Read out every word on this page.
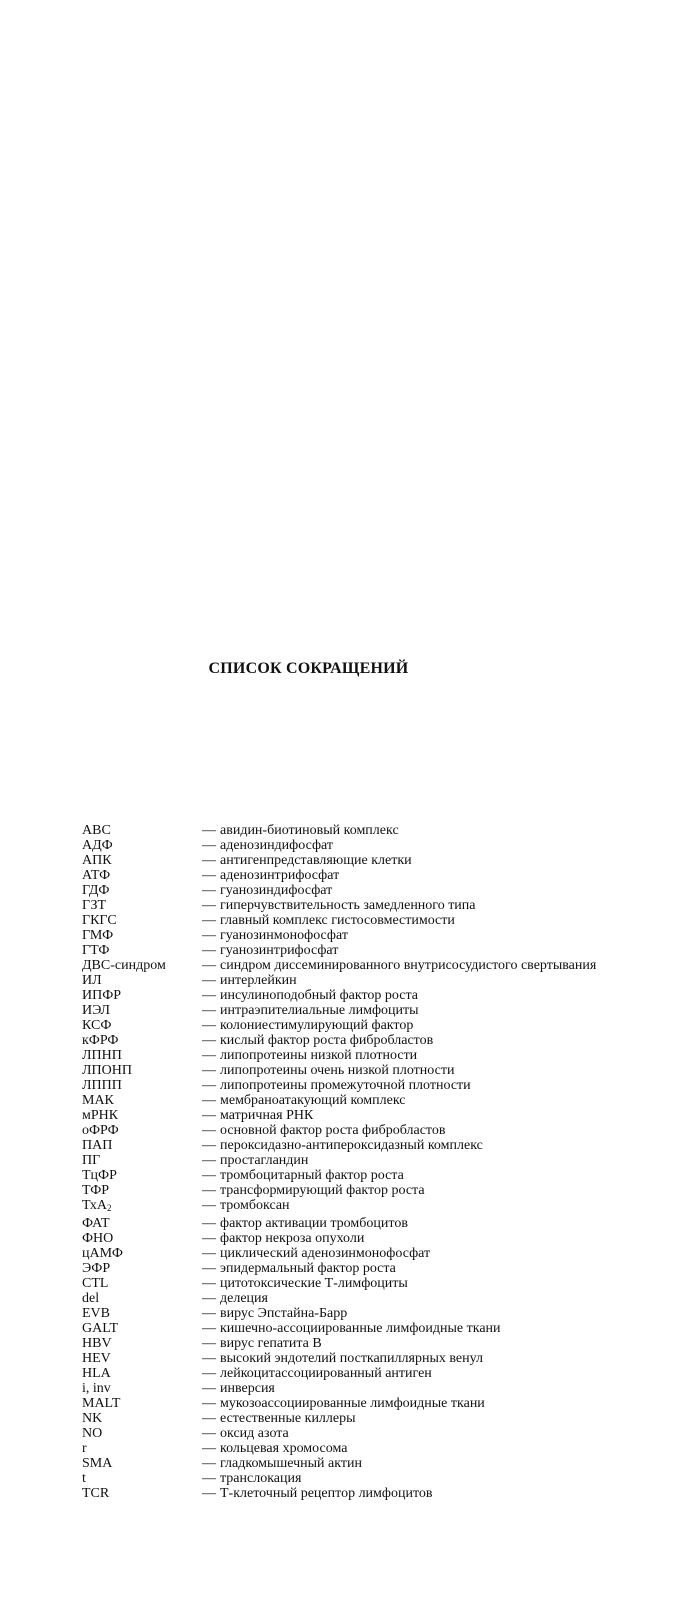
СПИСОК СОКРАЩЕНИЙ
АВС	— авидин-биотиновый комплекс
АДФ	— аденозиндифосфат
АПК	— антигенпредставляющие клетки
АТФ	— аденозинтрифосфат
ГДФ	— гуанозиндифосфат
ГЗТ	— гиперчувствительность замедленного типа
ГКГС	— главный комплекс гистосовместимости
ГМФ	— гуанозинмонофосфат
ГТФ	— гуанозинтрифосфат
ДВС-синдром	— синдром диссеминированного внутрисосудистого свертывания
ИЛ	— интерлейкин
ИПФР	— инсулиноподобный фактор роста
ИЭЛ	— интраэпителиальные лимфоциты
КСФ	— колониестимулирующий фактор
кФРФ	— кислый фактор роста фибробластов
ЛПНП	— липопротеины низкой плотности
ЛПОНП	— липопротеины очень низкой плотности
ЛППП	— липопротеины промежуточной плотности
МАК	— мембраноатакующий комплекс
мРНК	— матричная РНК
оФРФ	— основной фактор роста фибробластов
ПАП	— пероксидазно-антипероксидазный комплекс
ПГ	— простагландин
ТцФР	— тромбоцитарный фактор роста
ТФР	— трансформирующий фактор роста
ТхА$_2$	— тромбоксан
ФАТ	— фактор активации тромбоцитов
ФНО	— фактор некроза опухоли
цАМФ	— циклический аденозинмонофосфат
ЭФР	— эпидермальный фактор роста
CTL	— цитотоксические Т-лимфоциты
del	— делеция
EVB	— вирус Эпстайна-Барр
GALT	— кишечно-ассоциированные лимфоидные ткани
HBV	— вирус гепатита В
HEV	— высокий эндотелий посткапиллярных венул
HLA	— лейкоцитассоциированный антиген
i, inv	— инверсия
MALT	— мукозоассоциированные лимфоидные ткани
NK	— естественные киллеры
NO	— оксид азота
r	— кольцевая хромосома
SMA	— гладкомышечный актин
t	— транслокация
TCR	— Т-клеточный рецептор лимфоцитов
